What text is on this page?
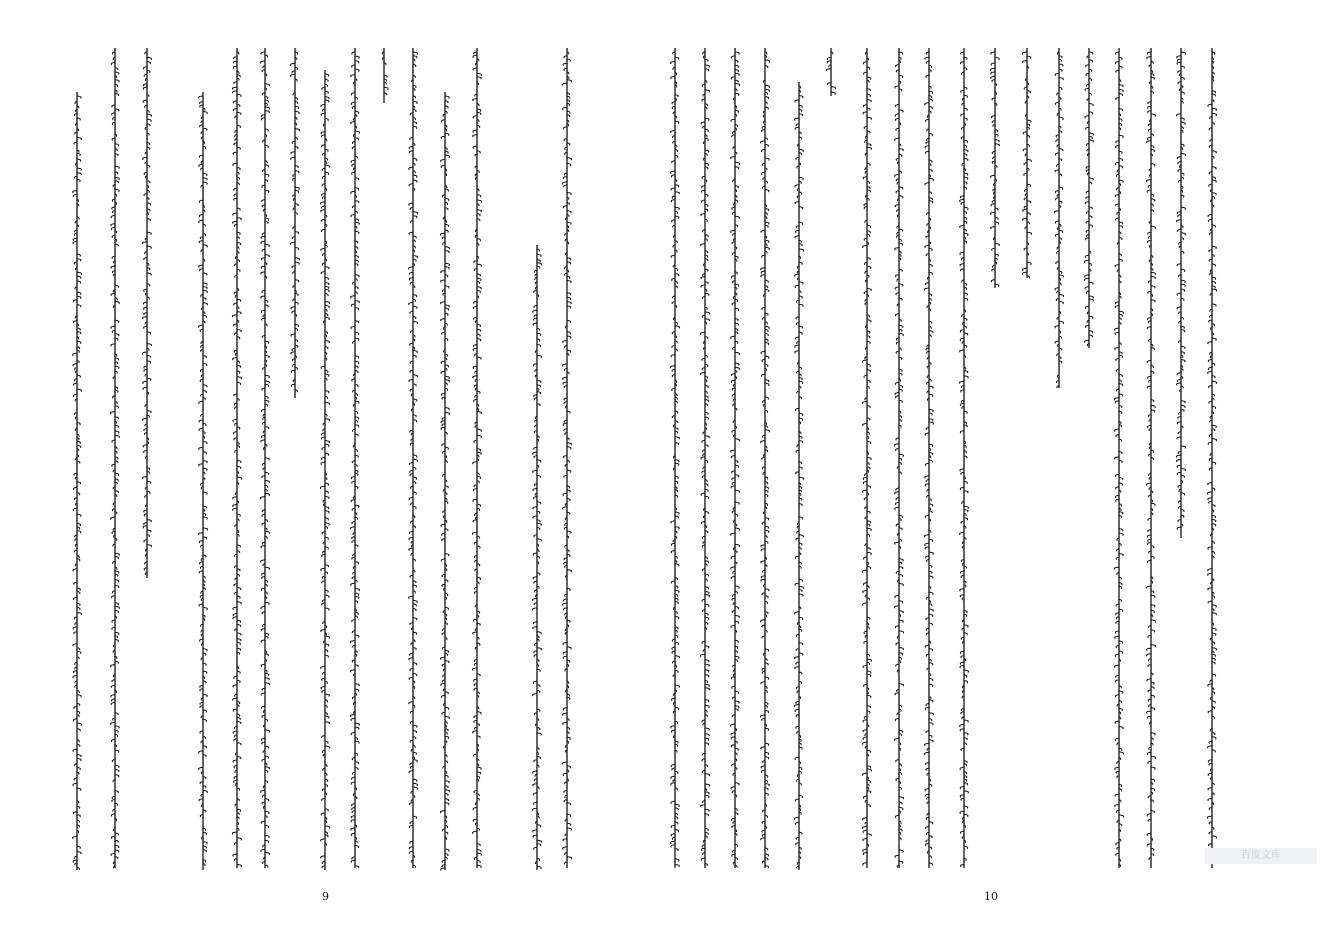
9	10
百度文库
